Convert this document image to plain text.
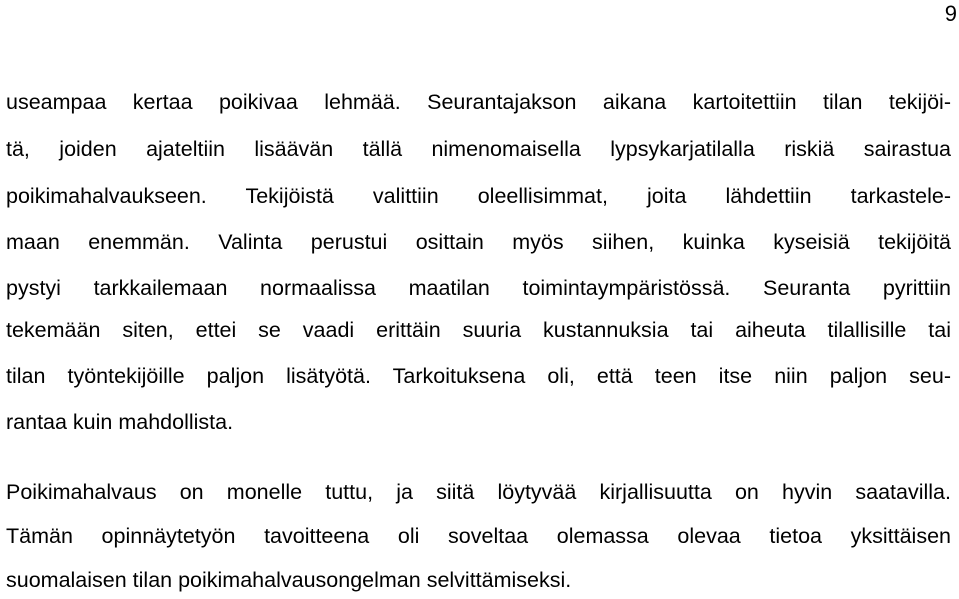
9

useampaa kertaa poikivaa lehmää. Seurantajakson aikana kartoitettiin tilan tekijöi-

tä, joiden ajateltiin lisäävän tällä nimenomaisella lypsykarjatilalla riskiä sairastua

poikimahalvaukseen. Tekijöistä valittiin oleellisimmat, joita lähdettiin tarkastele-

maan enemmän. Valinta perustui osittain myös siihen, kuinka kyseisiä tekijöitä

pystyi tarkkailemaan normaalissa maatilan toimintaympäristössä. Seuranta pyrittiin

tekemään siten, ettei se vaadi erittäin suuria kustannuksia tai aiheuta tilallisille tai

tilan työntekijöille paljon lisätyötä. Tarkoituksena oli, että teen itse niin paljon seu-

rantaa kuin mahdollista.

Poikimahalvaus on monelle tuttu, ja siitä löytyvää kirjallisuutta on hyvin saatavilla.

Tämän opinnäytetyön tavoitteena oli soveltaa olemassa olevaa tietoa yksittäisen

suomalaisen tilan poikimahalvausongelman selvittämiseksi.
